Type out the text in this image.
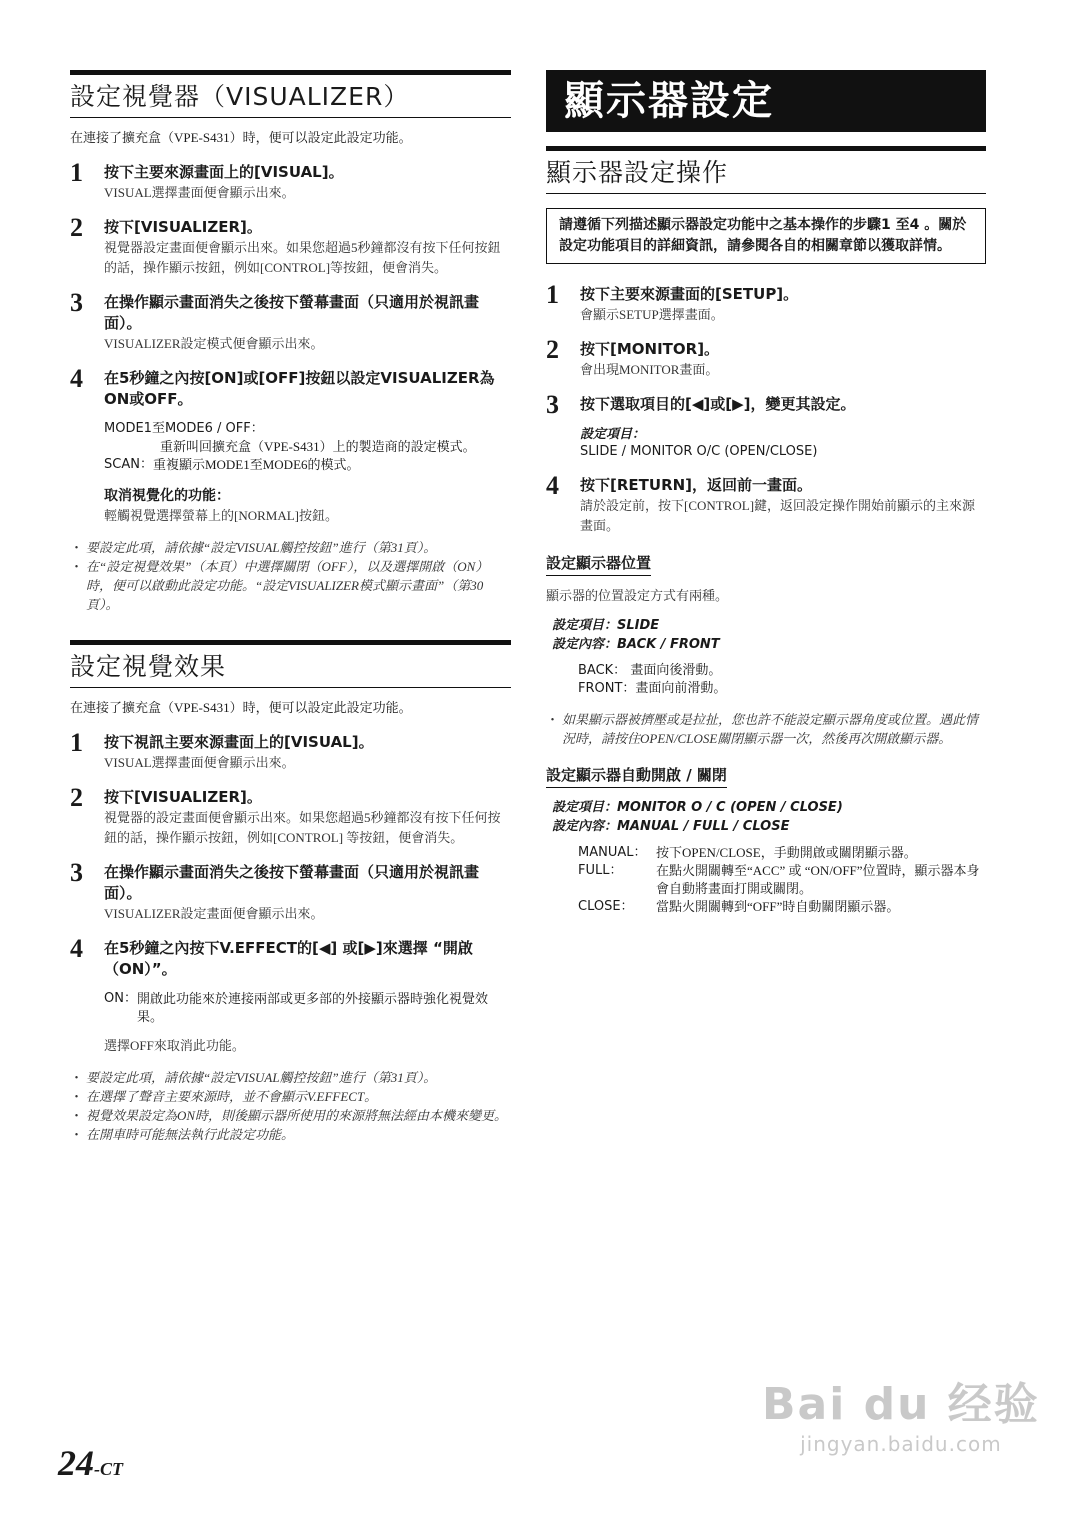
設定視覺器（VISUALIZER）

在連接了擴充盒（VPE-S431）時，便可以設定此設定功能。

1 按下主要來源畫面上的[VISUAL]。

VISUAL選擇畫面便會顯示出來。

2 按下[VISUALIZER]。

視覺器設定畫面便會顯示出來。如果您超過5秒鐘都沒有按下任何按鈕的話，操作顯示按鈕，例如[CONTROL]等按鈕，便會消失。

3 在操作顯示畫面消失之後按下螢幕畫面（只適用於視訊畫面）。

VISUALIZER設定模式便會顯示出來。

4 在5秒鐘之內按[ON]或[OFF]按鈕以設定VISUALIZER為ON或OFF。

MODE1至MODE6 / OFF：
重新叫回擴充盒（VPE-S431）上的製造商的設定模式。
SCAN： 重複顯示MODE1至MODE6的模式。
取消視覺化的功能：

輕觸視覺選擇螢幕上的[NORMAL]按鈕。

・ 要設定此項，請依據“設定VISUAL觸控按鈕”進行（第31頁）。
・ 在“設定視覺效果”（本頁）中選擇關閉（OFF），以及選擇開啟（ON）時，便可以啟動此設定功能。“設定VISUALIZER模式顯示畫面”（第30頁）。
設定視覺效果

在連接了擴充盒（VPE-S431）時，便可以設定此設定功能。

1 按下視訊主要來源畫面上的[VISUAL]。

VISUAL選擇畫面便會顯示出來。

2 按下[VISUALIZER]。

視覺器的設定畫面便會顯示出來。如果您超過5秒鐘都沒有按下任何按鈕的話，操作顯示按鈕，例如[CONTROL] 等按鈕，便會消失。

3 在操作顯示畫面消失之後按下螢幕畫面（只適用於視訊畫面）。

VISUALIZER設定畫面便會顯示出來。

4 在5秒鐘之內按下V.EFFECT的[◀] 或[▶]來選擇 “開啟（ON）”。

ON： 開啟此功能來於連接兩部或更多部的外接顯示器時強化視覺效果。

選擇OFF來取消此功能。

・ 要設定此項，請依據“設定VISUAL觸控按鈕”進行（第31頁）。
・ 在選擇了聲音主要來源時，並不會顯示V.EFFECT。
・ 視覺效果設定為ON時，則後顯示器所使用的來源將無法經由本機來變更。
・ 在開車時可能無法執行此設定功能。
顯示器設定
顯示器設定操作
請遵循下列描述顯示器設定功能中之基本操作的步驟1 至4 。關於設定功能項目的詳細資訊，請參閱各自的相關章節以獲取詳情。
1 按下主要來源畫面的[SETUP]。

會顯示SETUP選擇畫面。

2 按下[MONITOR]。

會出現MONITOR畫面。

3 按下選取項目的[◀]或[▶]，變更其設定。

設定項目：
SLIDE / MONITOR O/C (OPEN/CLOSE)
4 按下[RETURN]，返回前一畫面。

請於設定前，按下[CONTROL]鍵，返回設定操作開始前顯示的主來源畫面。

設定顯示器位置

顯示器的位置設定方式有兩種。

設定項目：SLIDE
設定內容：BACK / FRONT
BACK： 畫面向後滑動。
FRONT：畫面向前滑動。
・ 如果顯示器被擠壓或是拉扯，您也許不能設定顯示器角度或位置。遇此情況時，請按住OPEN/CLOSE關閉顯示器一次，然後再次開啟顯示器。
設定顯示器自動開啟 / 關閉
設定項目：MONITOR O / C (OPEN / CLOSE)
設定內容：MANUAL / FULL / CLOSE
MANUAL： 按下OPEN/CLOSE，手動開啟或關閉顯示器。
FULL：	在點火開關轉至“ACC” 或 “ON/OFF”位置時，顯示器本身會自動將畫面打開或關閉。
CLOSE：	當點火開關轉到“OFF”時自動關閉顯示器。
24-CT
Bai du 经验
jingyan.baidu.com
